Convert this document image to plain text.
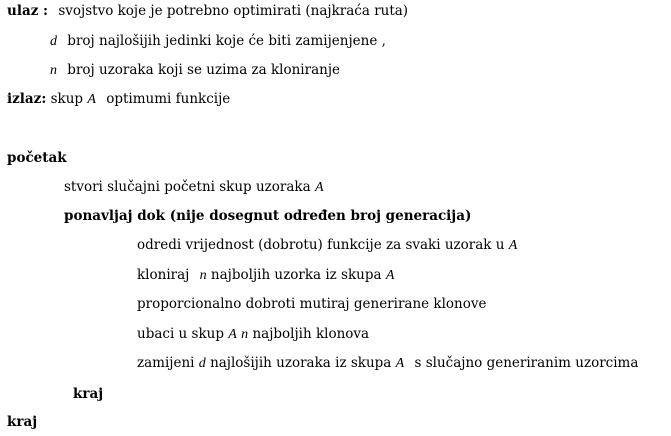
ulaz : svojstvo koje je potrebno optimirati (najkraća ruta)
d broj najlošijih jedinki koje će biti zamijenjene ,
n broj uzoraka koji se uzima za kloniranje
izlaz: skup A optimumi funkcije
početak
stvori slučajni početni skup uzoraka A
ponavljaj dok (nije dosegnut određen broj generacija)
odredi vrijednost (dobrotu) funkcije za svaki uzorak u A
kloniraj n najboljih uzorka iz skupa A
proporcionalno dobroti mutiraj generirane klonove
ubaci u skup A n najboljih klonova
zamijeni d najlošijih uzoraka iz skupa A s slučajno generiranim uzorcima
kraj
kraj
